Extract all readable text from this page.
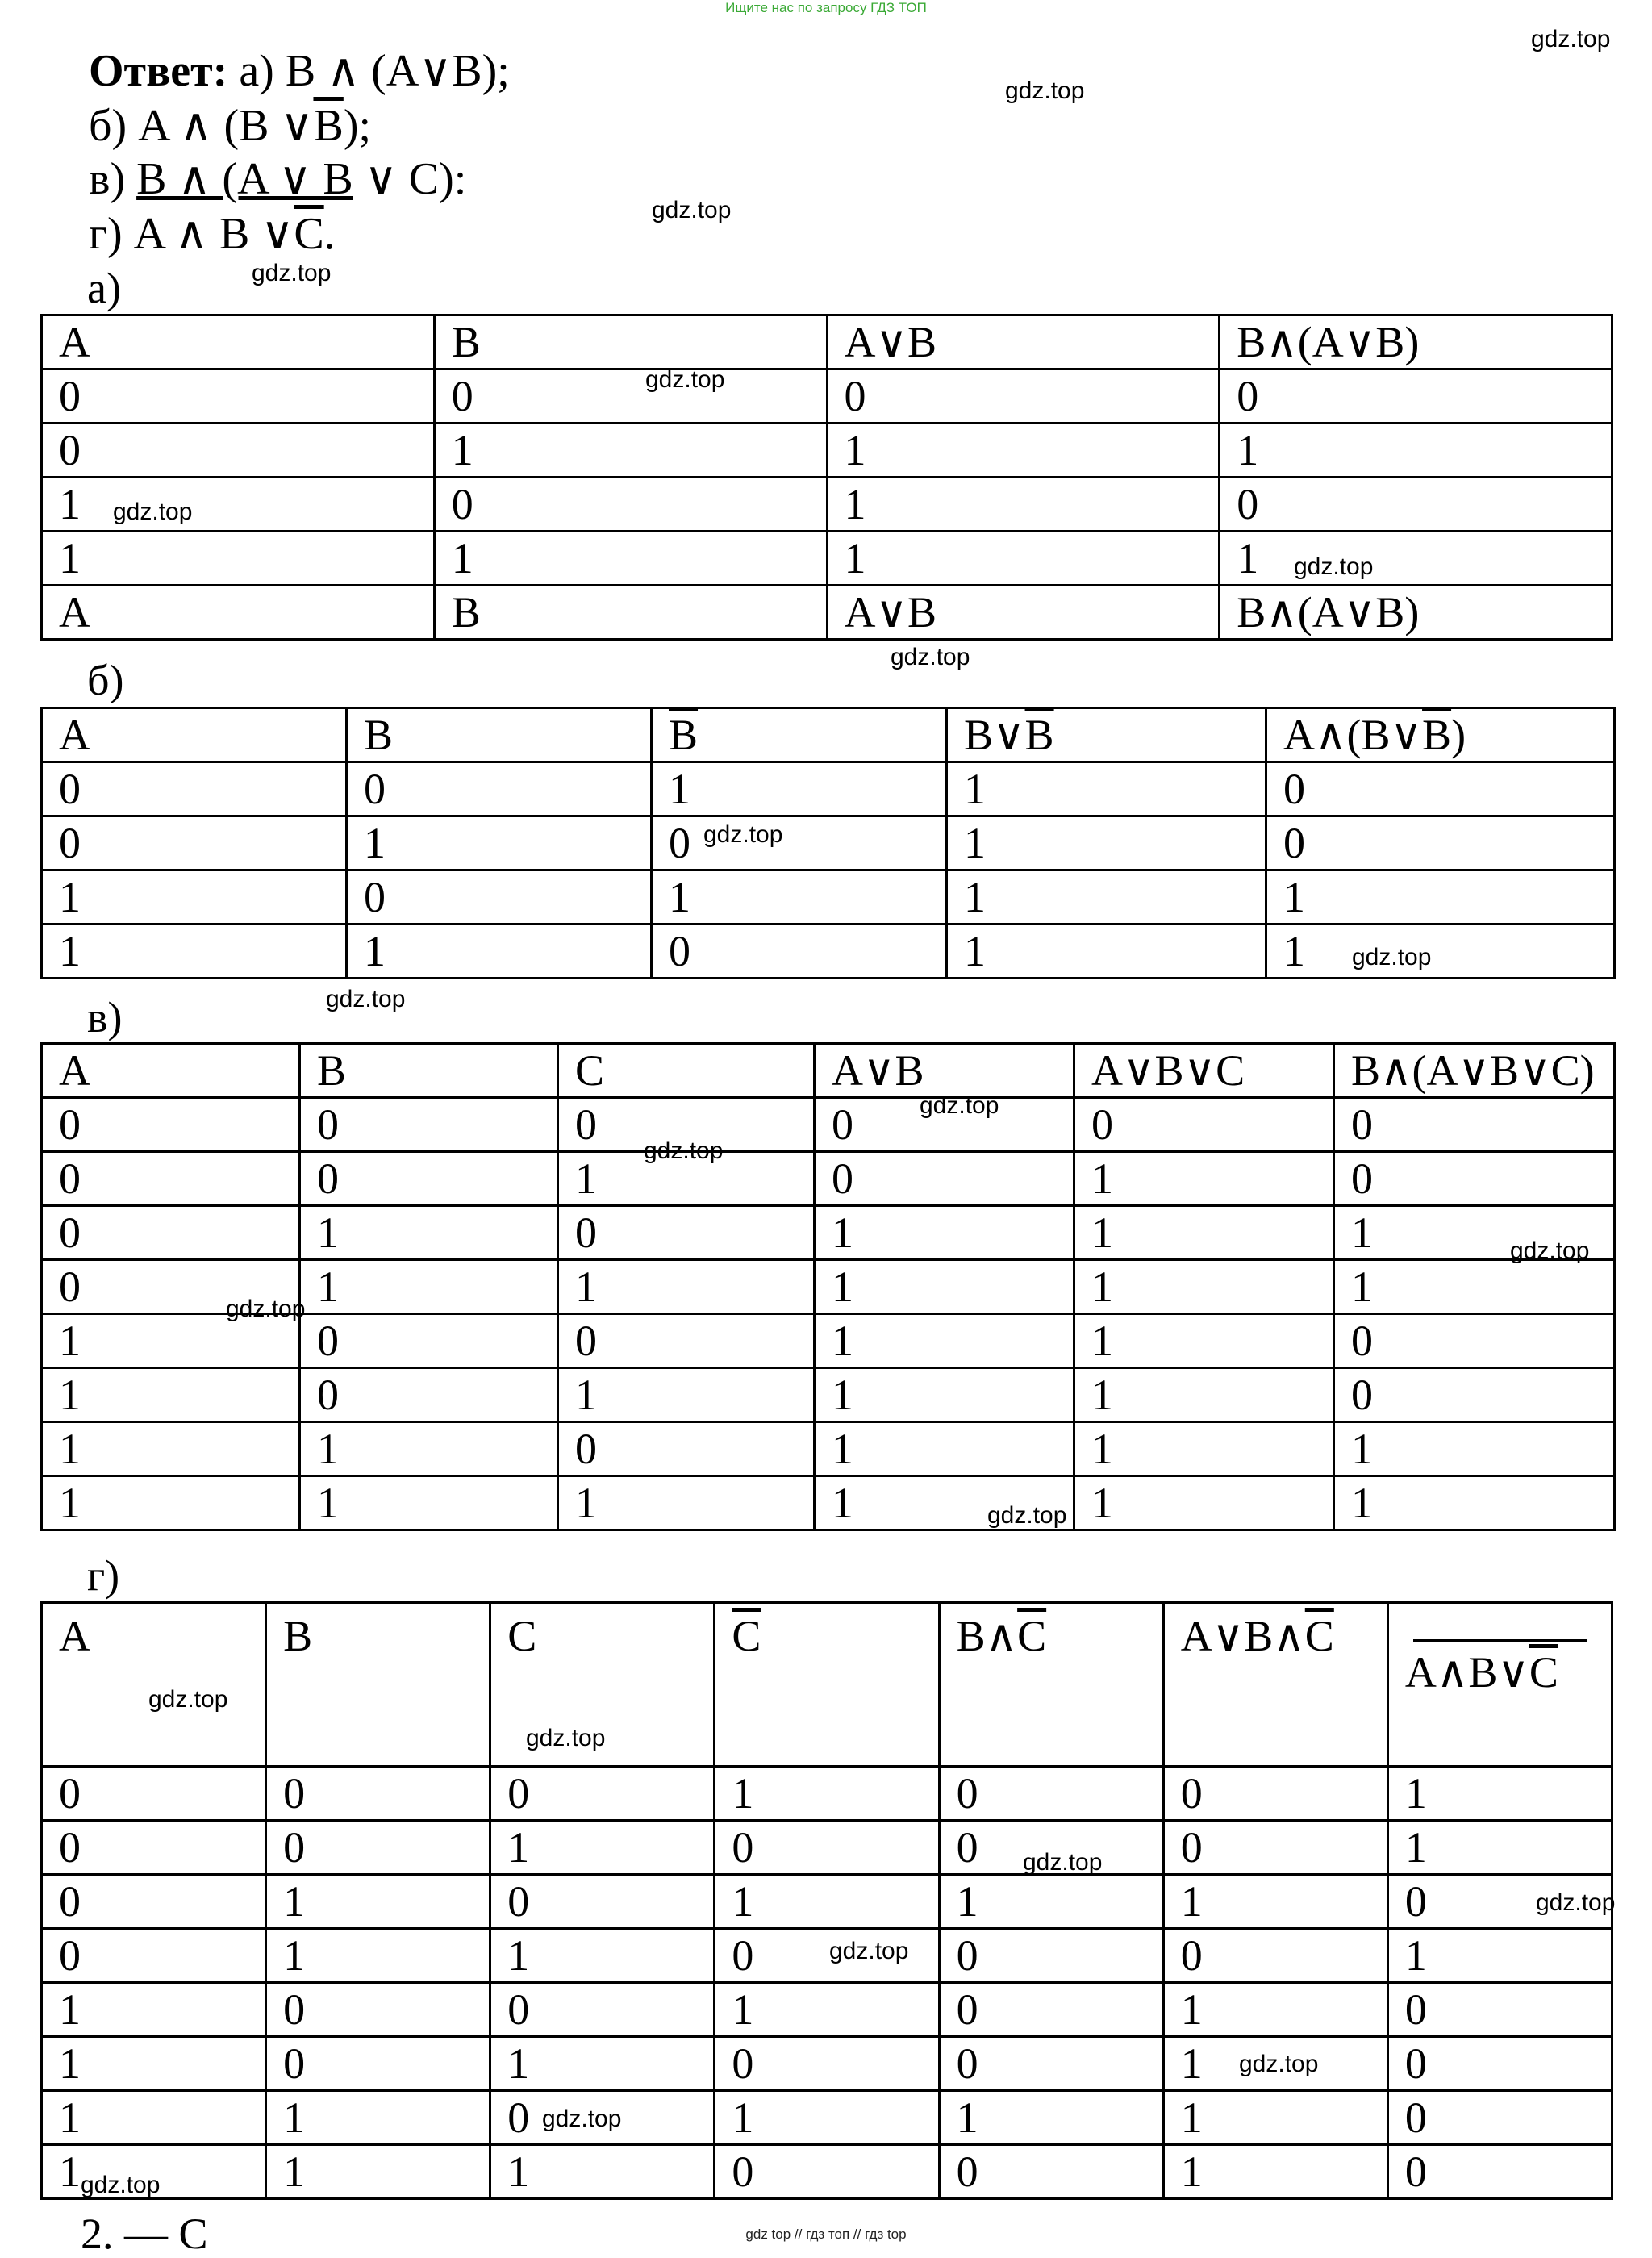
Ищите нас по запросу ГДЗ ТОП
Ответ: а) B ∧ (A∨B);
б) A ∧ (B $\vee\overline{B}$);
в) B ∧ (A ∨ B ∨ C):
г) A ∧ B $\vee\overline{C}$.
а)
A	B	A∨B	B∧(A∨B)
0	0	0	0
0	1	1	1
1	0	1	0
1	1	1	1
A	B	A∨B	B∧(A∨B)
б)
A	B	$\overline{B}$	$B\vee\overline{B}$	$A\wedge(B\vee\overline{B})$
0	0	1	1	0
0	1	0	1	0
1	0	1	1	1
1	1	0	1	1
в)
A	B	C	A∨B	A∨B∨C	B∧(A∨B∨C)
0	0	0	0	0	0
0	0	1	0	1	0
0	1	0	1	1	1
0	1	1	1	1	1
1	0	0	1	1	0
1	0	1	1	1	0
1	1	0	1	1	1
1	1	1	1	1	1
г)
A	B	C	$\overline{C}$	$B\wedge\overline{C}$	$A\vee B\wedge\overline{C}$	$A\wedge B\vee\overline{C}$
0	0	0	1	0	0	1
0	0	1	0	0	0	1
0	1	0	1	1	1	0
0	1	1	0	0	0	1
1	0	0	1	0	1	0
1	0	1	0	0	1	0
1	1	0	1	1	1	0
1	1	1	0	0	1	0
2. — C
gdz.top
gdz.top
gdz.top
gdz.top
gdz.top
gdz.top
gdz.top
gdz.top
gdz.top
gdz.top
gdz.top
gdz.top
gdz.top
gdz.top
gdz.top
gdz.top
gdz.top
gdz.top
gdz.top
gdz.top
gdz.top
gdz.top
gdz.top
gdz.top
gdz top // гдз топ // гдз top
